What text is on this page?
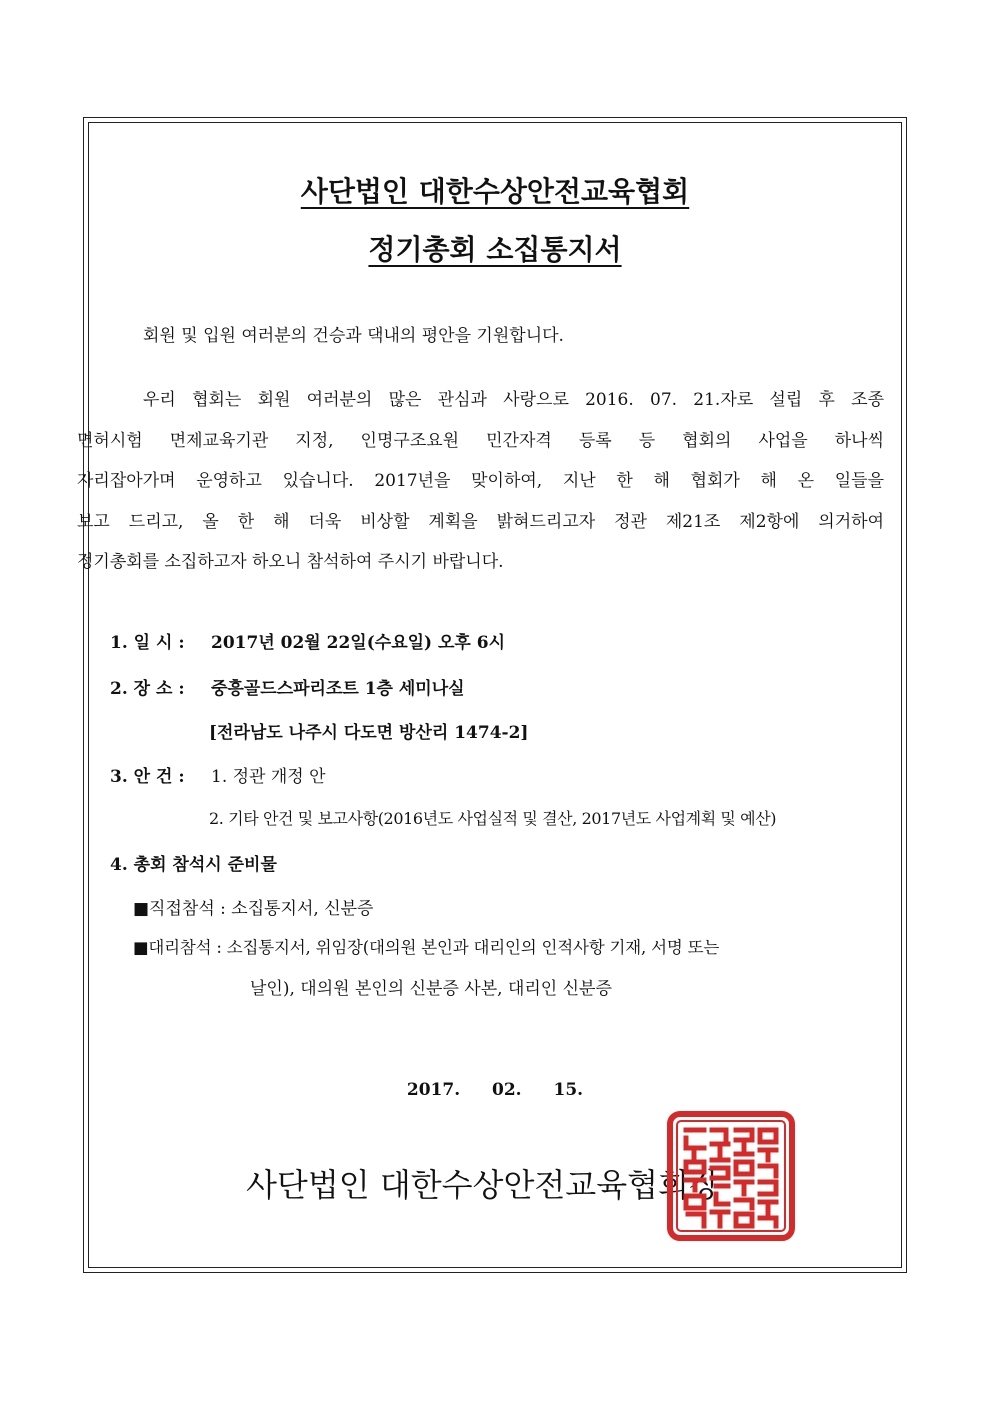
사단법인 대한수상안전교육협회
정기총회 소집통지서
회원 및 입원 여러분의 건승과 댁내의 평안을 기원합니다.
우리 협회는 회원 여러분의 많은 관심과 사랑으로 2016. 07. 21.자로 설립 후 조종
면허시험 면제교육기관 지정, 인명구조요원 민간자격 등록 등 협회의 사업을 하나씩
자리잡아가며 운영하고 있습니다. 2017년을 맞이하여, 지난 한 해 협회가 해 온 일들을
보고 드리고, 올 한 해 더욱 비상할 계획을 밝혀드리고자 정관 제21조 제2항에 의거하여
정기총회를 소집하고자 하오니 참석하여 주시기 바랍니다.
1. 일 시 : 2017년 02월 22일(수요일) 오후 6시
2. 장 소 : 중흥골드스파리조트 1층 세미나실
[전라남도 나주시 다도면 방산리 1474-2]
3. 안 건 : 1. 정관 개정 안
2. 기타 안건 및 보고사항(2016년도 사업실적 및 결산, 2017년도 사업계획 및 예산)
4. 총회 참석시 준비물
■직접참석 : 소집통지서, 신분증
■대리참석 : 소집통지서, 위임장(대의원 본인과 대리인의 인적사항 기재, 서명 또는
날인), 대의원 본인의 신분증 사본, 대리인 신분증
2017. 02. 15.
사단법인 대한수상안전교육협회장
